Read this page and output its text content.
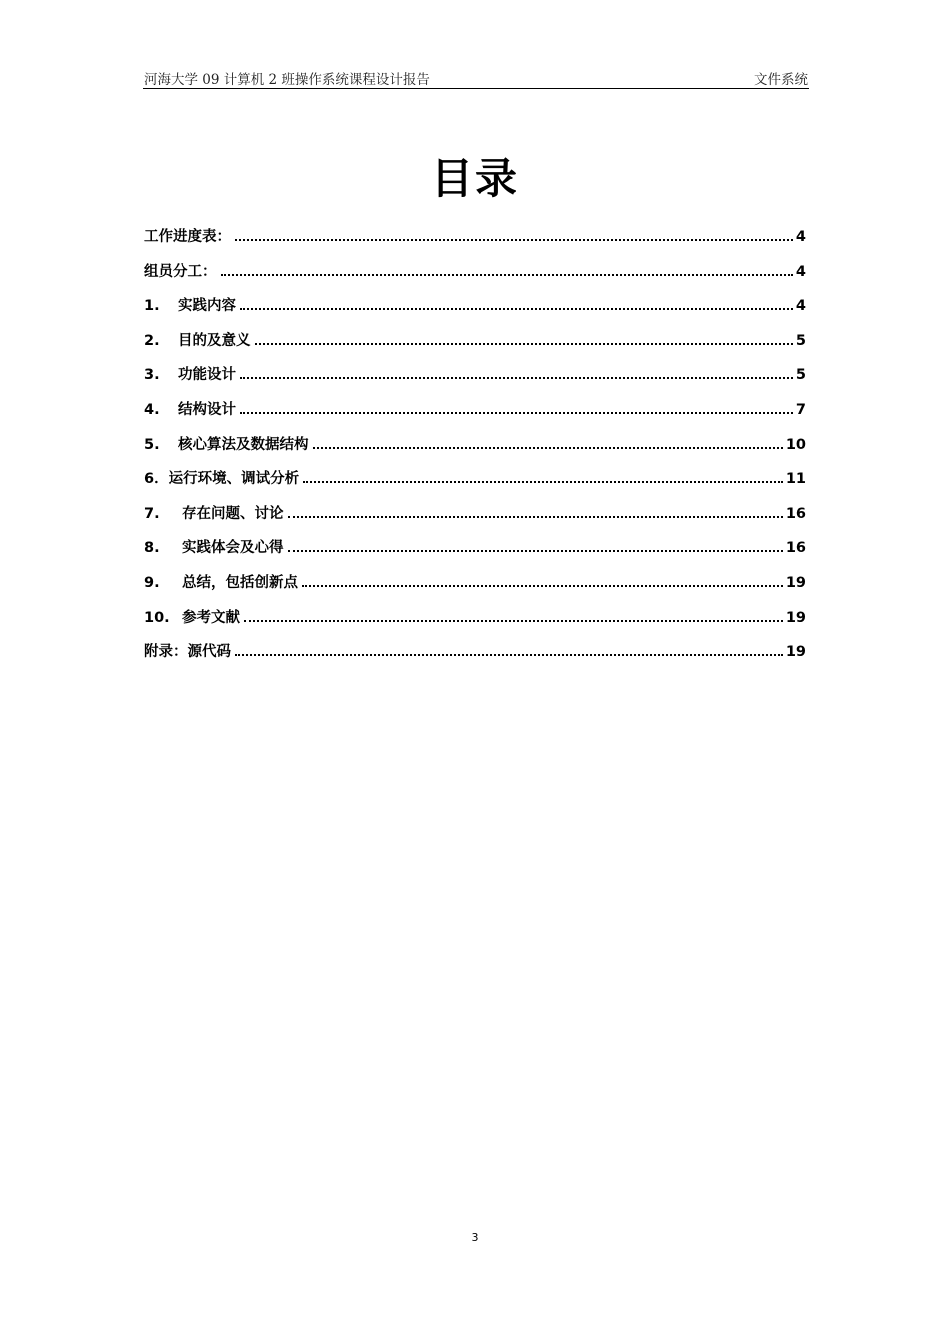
河海大学 09 计算机 2 班操作系统课程设计报告	文件系统
目录
工作进度表：	4
组员分工：	4
1.	实践内容	4
2.	目的及意义	5
3.	功能设计	5
4.	结构设计	7
5.	核心算法及数据结构	10
6．运行环境、调试分析	11
7.	存在问题、讨论	16
8.	实践体会及心得	16
9.	总结，包括创新点	19
10. 参考文献	19
附录：源代码	19
3
